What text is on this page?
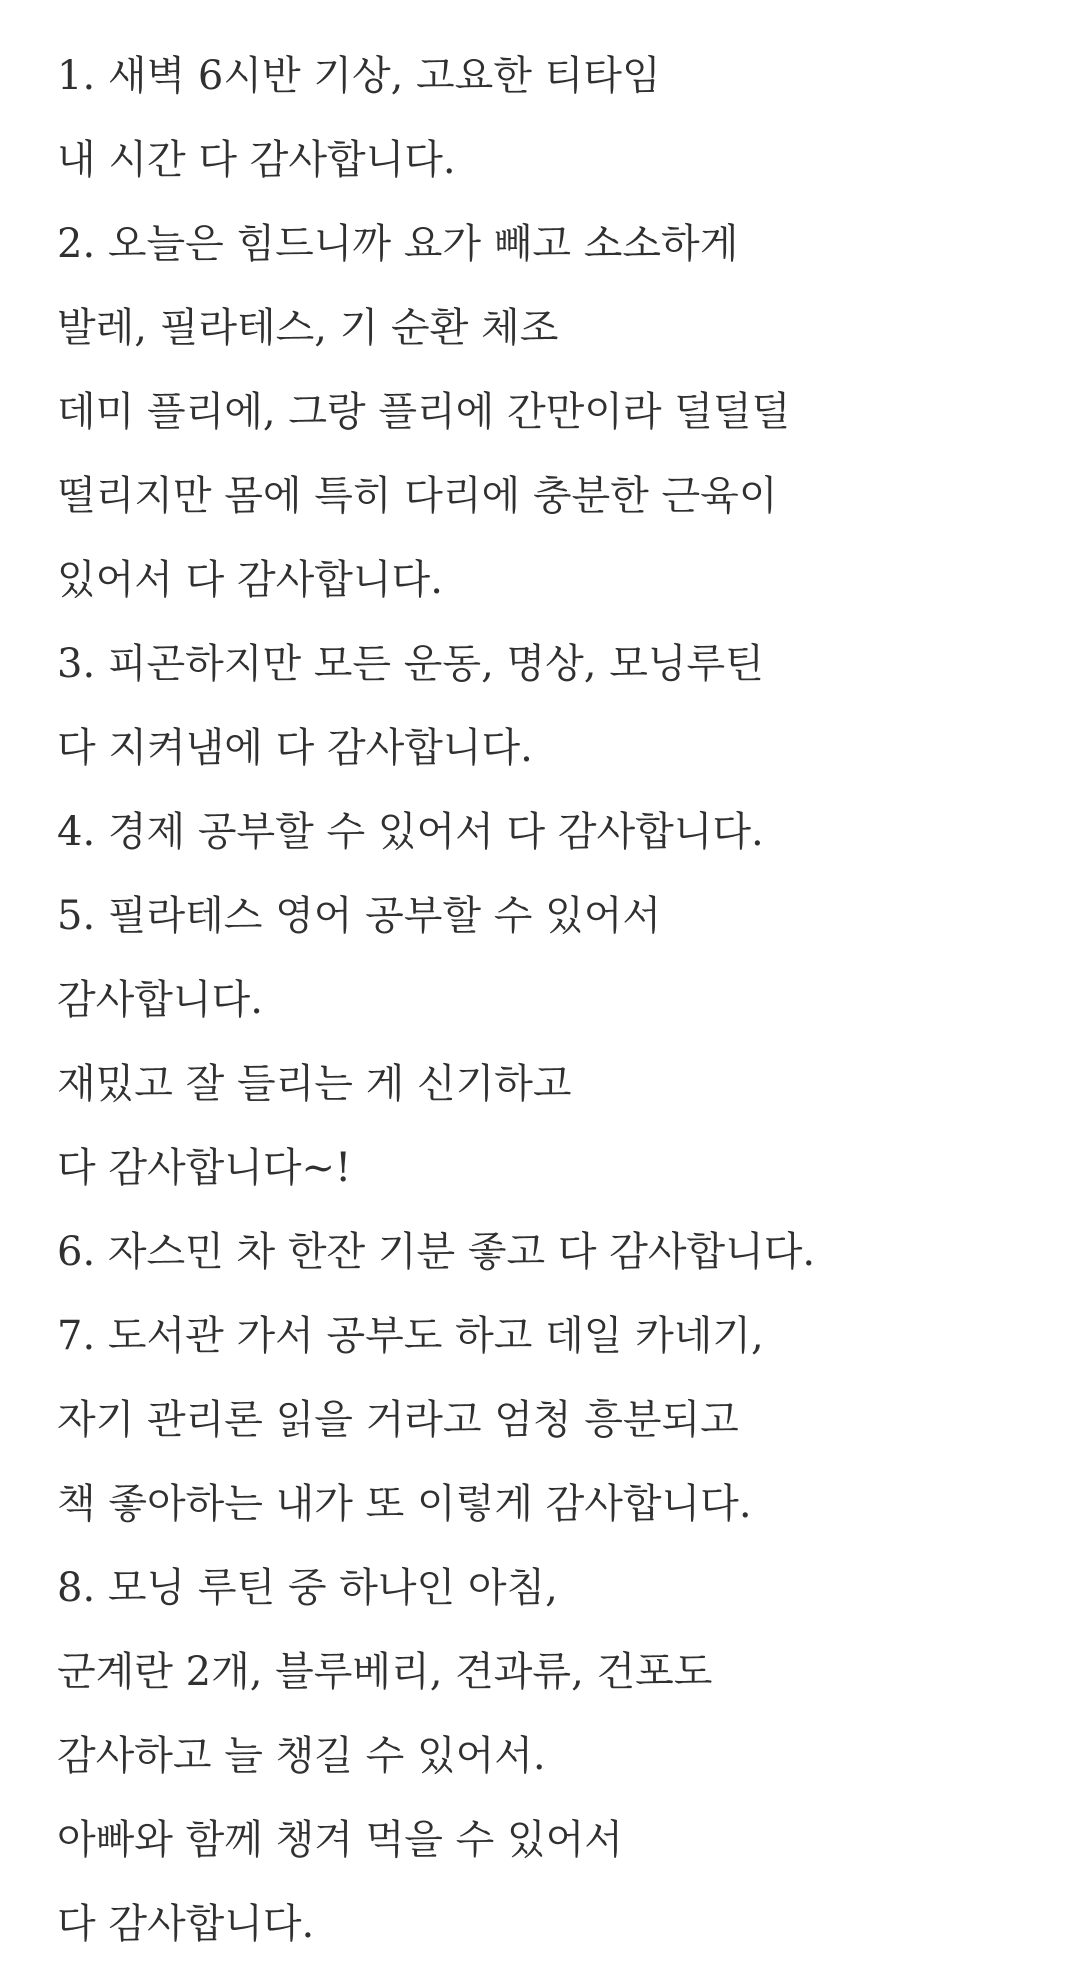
1. 새벽 6시반 기상, 고요한 티타임
내 시간 다 감사합니다.
2. 오늘은 힘드니까 요가 빼고 소소하게
발레, 필라테스, 기 순환 체조
데미 플리에, 그랑 플리에 간만이라 덜덜덜
떨리지만 몸에 특히 다리에 충분한 근육이
있어서 다 감사합니다.
3. 피곤하지만 모든 운동, 명상, 모닝루틴
다 지켜냄에 다 감사합니다.
4. 경제 공부할 수 있어서 다 감사합니다.
5. 필라테스 영어 공부할 수 있어서
감사합니다.
재밌고 잘 들리는 게 신기하고
다 감사합니다~!
6. 자스민 차 한잔 기분 좋고 다 감사합니다.
7. 도서관 가서 공부도 하고 데일 카네기,
자기 관리론 읽을 거라고 엄청 흥분되고
책 좋아하는 내가 또 이렇게 감사합니다.
8. 모닝 루틴 중 하나인 아침,
군계란 2개, 블루베리, 견과류, 건포도
감사하고 늘 챙길 수 있어서.
아빠와 함께 챙겨 먹을 수 있어서
다 감사합니다.
